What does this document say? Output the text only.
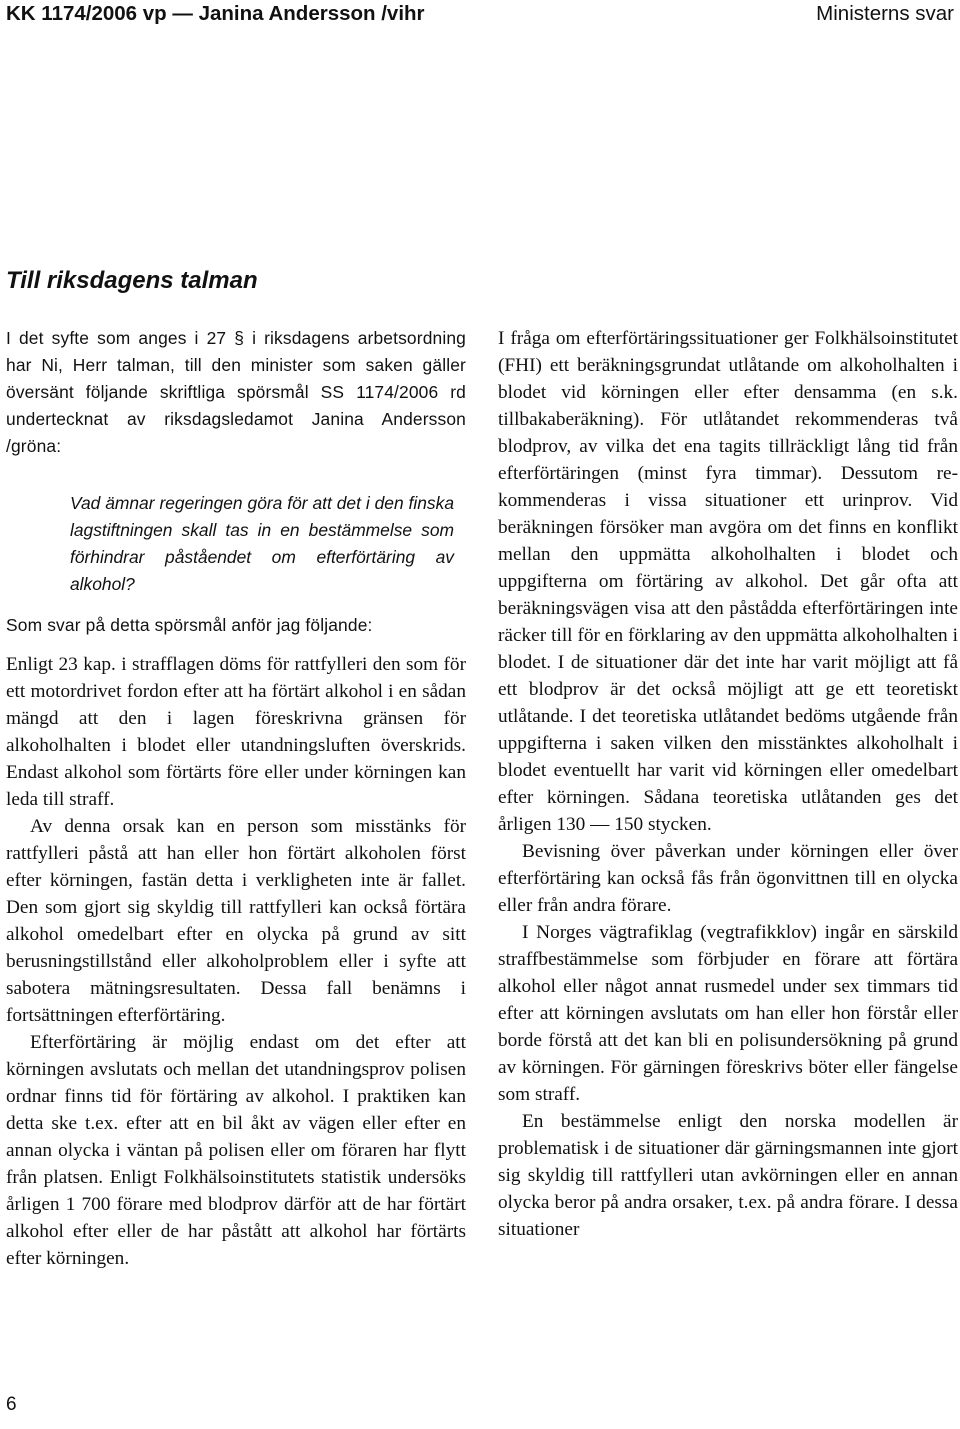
KK 1174/2006 vp — Janina Andersson /vihr	Ministerns svar
Till riksdagens talman

I det syfte som anges i 27 § i riksdagens arbetsordning har Ni, Herr talman, till den minister som saken gäller översänt följande skriftliga spörsmål SS 1174/2006 rd undertecknat av riksdagsledamot Janina Andersson /gröna:

Vad ämnar regeringen göra för att det i den finska lagstiftningen skall tas in en bestämmelse som förhindrar påståendet om efterförtäring av alkohol?

Som svar på detta spörsmål anför jag följande:

Enligt 23 kap. i strafflagen döms för rattfylleri den som för ett motordrivet fordon efter att ha förtärt alkohol i en sådan mängd att den i lagen föreskrivna gränsen för alkoholhalten i blodet eller utandningsluften överskrids. Endast alkohol som förtärts före eller under körningen kan leda till straff.

Av denna orsak kan en person som misstänks för rattfylleri påstå att han eller hon förtärt alkoholen först efter körningen, fastän detta i verkligheten inte är fallet. Den som gjort sig skyldig till rattfylleri kan också förtära alkohol omedelbart efter en olycka på grund av sitt berusningstillstånd eller alkoholproblem eller i syfte att sabotera mätningsresultaten. Dessa fall benämns i fortsättningen efterförtäring.

Efterförtäring är möjlig endast om det efter att körningen avslutats och mellan det utandningsprov polisen ordnar finns tid för förtäring av alkohol. I praktiken kan detta ske t.ex. efter att en bil åkt av vägen eller efter en annan olycka i väntan på polisen eller om föraren har flytt från platsen. Enligt Folkhälsoinstitutets statistik undersöks årligen 1 700 förare med blodprov därför att de har förtärt alkohol efter eller de har påstått att alkohol har förtärts efter körningen.

I fråga om efterförtäringssituationer ger Folkhälsoinstitutet (FHI) ett beräkningsgrundat utlåtande om alkoholhalten i blodet vid körningen eller efter densamma (en s.k. tillbakaberäkning). För utlåtandet rekommenderas två blodprov, av vilka det ena tagits tillräckligt lång tid från efterförtäringen (minst fyra timmar). Dessutom rekommenderas i vissa situationer ett urinprov. Vid beräkningen försöker man avgöra om det finns en konflikt mellan den uppmätta alkoholhalten i blodet och uppgifterna om förtäring av alkohol. Det går ofta att beräkningsvägen visa att den påstådda efterförtäringen inte räcker till för en förklaring av den uppmätta alkoholhalten i blodet. I de situationer där det inte har varit möjligt att få ett blodprov är det också möjligt att ge ett teoretiskt utlåtande. I det teoretiska utlåtandet bedöms utgående från uppgifterna i saken vilken den misstänktes alkoholhalt i blodet eventuellt har varit vid körningen eller omedelbart efter körningen. Sådana teoretiska utlåtanden ges det årligen 130 — 150 stycken.

Bevisning över påverkan under körningen eller över efterförtäring kan också fås från ögonvittnen till en olycka eller från andra förare.

I Norges vägtrafiklag (vegtrafikklov) ingår en särskild straffbestämmelse som förbjuder en förare att förtära alkohol eller något annat rusmedel under sex timmars tid efter att körningen avslutats om han eller hon förstår eller borde förstå att det kan bli en polisundersökning på grund av körningen. För gärningen föreskrivs böter eller fängelse som straff.

En bestämmelse enligt den norska modellen är problematisk i de situationer där gärningsmannen inte gjort sig skyldig till rattfylleri utan avkörningen eller en annan olycka beror på andra orsaker, t.ex. på andra förare. I dessa situationer

6
